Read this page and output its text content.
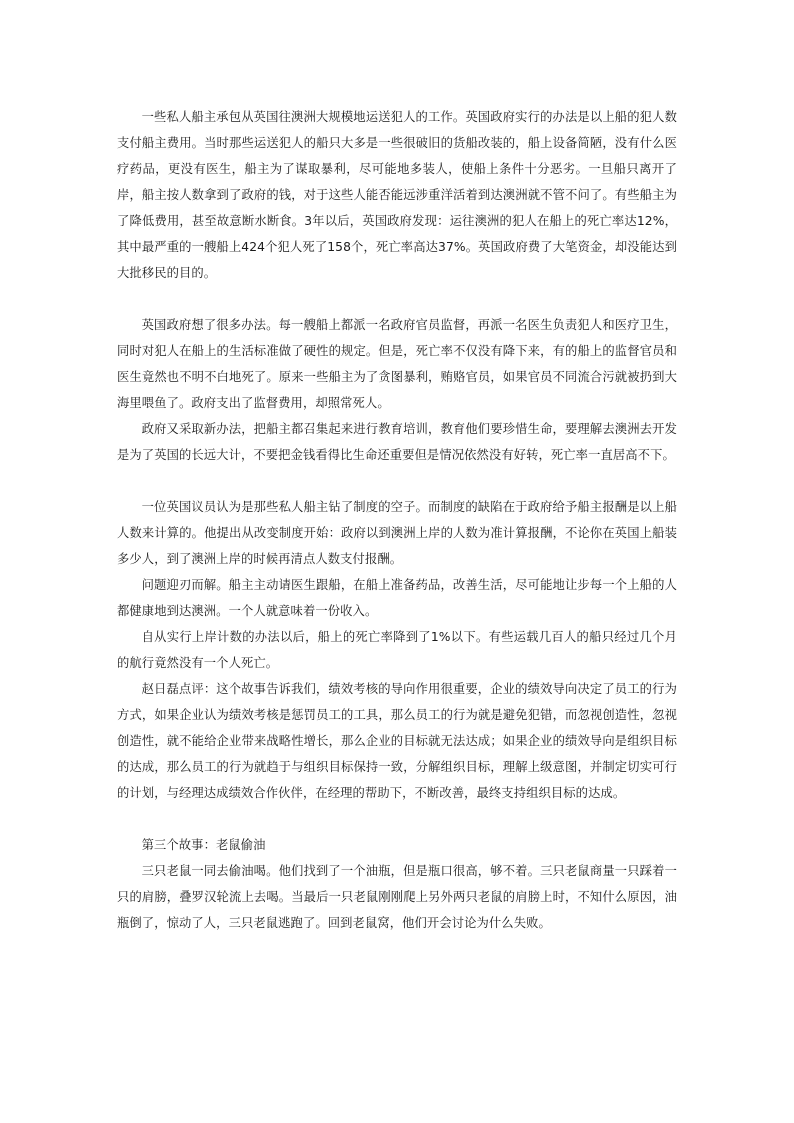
一些私人船主承包从英国往澳洲大规模地运送犯人的工作。英国政府实行的办法是以上船的犯人数支付船主费用。当时那些运送犯人的船只大多是一些很破旧的货船改装的，船上设备简陋，没有什么医疗药品，更没有医生，船主为了谋取暴利，尽可能地多装人，使船上条件十分恶劣。一旦船只离开了岸，船主按人数拿到了政府的钱，对于这些人能否能远涉重洋活着到达澳洲就不管不问了。有些船主为了降低费用，甚至故意断水断食。3年以后，英国政府发现：运往澳洲的犯人在船上的死亡率达12%，其中最严重的一艘船上424个犯人死了158个，死亡率高达37%。英国政府费了大笔资金，却没能达到大批移民的目的。

英国政府想了很多办法。每一艘船上都派一名政府官员监督，再派一名医生负责犯人和医疗卫生，同时对犯人在船上的生活标准做了硬性的规定。但是，死亡率不仅没有降下来，有的船上的监督官员和医生竟然也不明不白地死了。原来一些船主为了贪图暴利，贿赂官员，如果官员不同流合污就被扔到大海里喂鱼了。政府支出了监督费用，却照常死人。

政府又采取新办法，把船主都召集起来进行教育培训，教育他们要珍惜生命，要理解去澳洲去开发是为了英国的长远大计，不要把金钱看得比生命还重要但是情况依然没有好转，死亡率一直居高不下。

一位英国议员认为是那些私人船主钻了制度的空子。而制度的缺陷在于政府给予船主报酬是以上船人数来计算的。他提出从改变制度开始：政府以到澳洲上岸的人数为准计算报酬，不论你在英国上船装多少人，到了澳洲上岸的时候再清点人数支付报酬。

问题迎刃而解。船主主动请医生跟船，在船上准备药品，改善生活，尽可能地让步每一个上船的人都健康地到达澳洲。一个人就意味着一份收入。

自从实行上岸计数的办法以后，船上的死亡率降到了1%以下。有些运载几百人的船只经过几个月的航行竟然没有一个人死亡。

赵日磊点评：这个故事告诉我们，绩效考核的导向作用很重要，企业的绩效导向决定了员工的行为方式，如果企业认为绩效考核是惩罚员工的工具，那么员工的行为就是避免犯错，而忽视创造性，忽视创造性，就不能给企业带来战略性增长，那么企业的目标就无法达成；如果企业的绩效导向是组织目标的达成，那么员工的行为就趋于与组织目标保持一致，分解组织目标，理解上级意图，并制定切实可行的计划，与经理达成绩效合作伙伴，在经理的帮助下，不断改善，最终支持组织目标的达成。

第三个故事：老鼠偷油

三只老鼠一同去偷油喝。他们找到了一个油瓶，但是瓶口很高，够不着。三只老鼠商量一只踩着一只的肩膀，叠罗汉轮流上去喝。当最后一只老鼠刚刚爬上另外两只老鼠的肩膀上时，不知什么原因，油瓶倒了，惊动了人，三只老鼠逃跑了。回到老鼠窝，他们开会讨论为什么失败。
